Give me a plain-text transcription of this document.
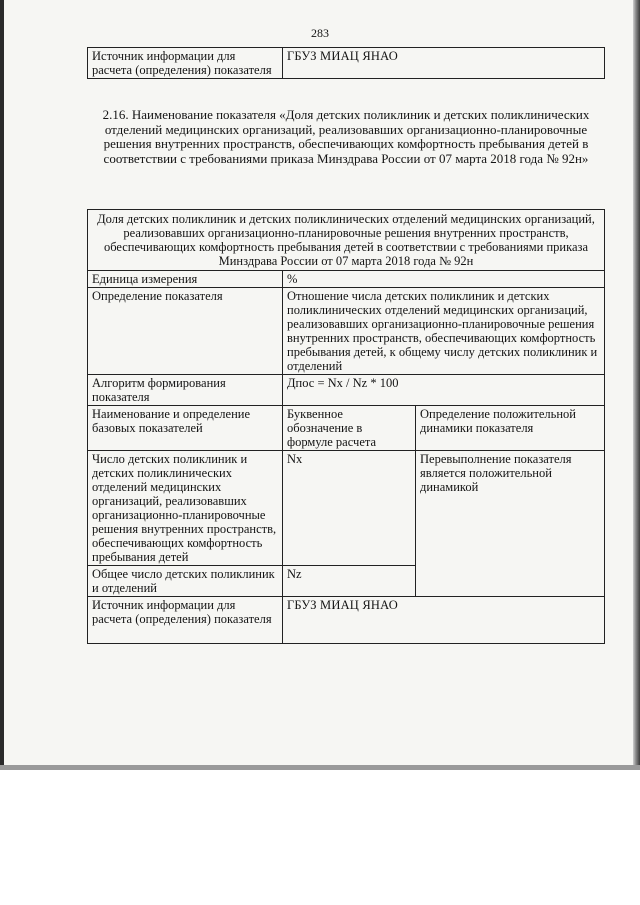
283
Источник информации для расчета (определения) показателя	ГБУЗ МИАЦ ЯНАО
2.16. Наименование показателя «Доля детских поликлиник и детских поликлинических отделений медицинских организаций, реализовавших организационно-планировочные решения внутренних пространств, обеспечивающих комфортность пребывания детей в соответствии с требованиями приказа Минздрава России от 07 марта 2018 года № 92н»
Доля детских поликлиник и детских поликлинических отделений медицинских организаций, реализовавших организационно-планировочные решения внутренних пространств, обеспечивающих комфортность пребывания детей в соответствии с требованиями приказа Минздрава России от 07 марта 2018 года № 92н		
Единица измерения	%	
Определение показателя	Отношение числа детских поликлиник и детских поликлинических отделений медицинских организаций, реализовавших организационно-планировочные решения внутренних пространств, обеспечивающих комфортность пребывания детей, к общему числу детских поликлиник и отделений	
Алгоритм формирования показателя	Дпос = Nx / Nz * 100	
Наименование и определение базовых показателей	Буквенное обозначение в формуле расчета	Определение положительной динамики показателя
Число детских поликлиник и детских поликлинических отделений медицинских организаций, реализовавших организационно-планировочные решения внутренних пространств, обеспечивающих комфортность пребывания детей	Nx	Перевыполнение показателя является положительной динамикой
Общее число детских поликлиник и отделений	Nz	
Источник информации для расчета (определения) показателя	ГБУЗ МИАЦ ЯНАО	
